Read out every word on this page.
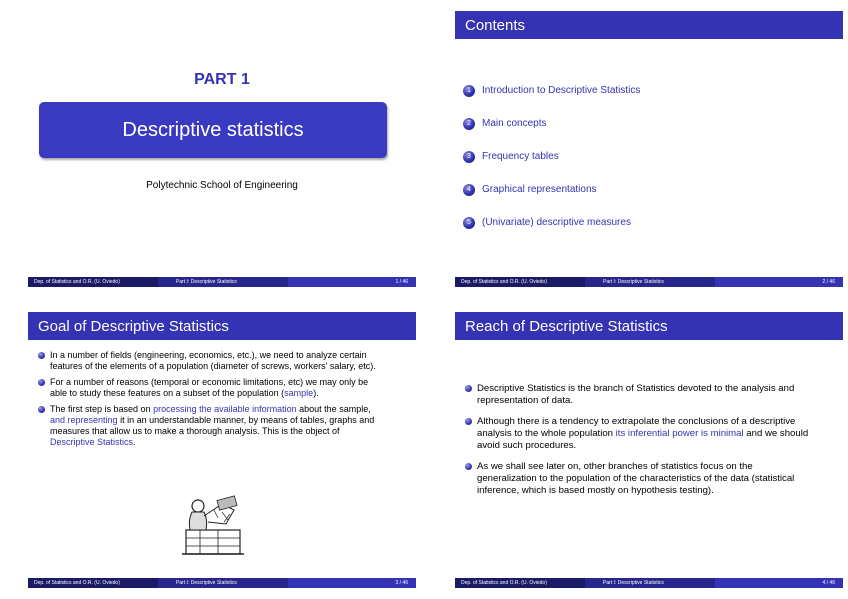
PART 1
Descriptive statistics
Polytechnic School of Engineering
Dep. of Statistics and O.R. (U. Oviedo)	Part I: Descriptive Statistics	1 / 46
Contents
1	Introduction to Descriptive Statistics
2	Main concepts
3	Frequency tables
4	Graphical representations
5	(Univariate) descriptive measures
Dep. of Statistics and O.R. (U. Oviedo)	Part I: Descriptive Statistics	2 / 46
Goal of Descriptive Statistics
In a number of fields (engineering, economics, etc.), we need to analyze certain features of the elements of a population (diameter of screws, workers' salary, etc).
For a number of reasons (temporal or economic limitations, etc) we may only be able to study these features on a subset of the population (sample).
The first step is based on processing the available information about the sample, and representing it in an understandable manner, by means of tables, graphs and measures that allow us to make a thorough analysis. This is the object of Descriptive Statistics.
Dep. of Statistics and O.R. (U. Oviedo)	Part I: Descriptive Statistics	3 / 46
Reach of Descriptive Statistics
Descriptive Statistics is the branch of Statistics devoted to the analysis and representation of data.
Although there is a tendency to extrapolate the conclusions of a descriptive analysis to the whole population its inferential power is minimal and we should avoid such procedures.
As we shall see later on, other branches of statistics focus on the generalization to the population of the characteristics of the data (statistical inference, which is based mostly on hypothesis testing).
Dep. of Statistics and O.R. (U. Oviedo)	Part I: Descriptive Statistics	4 / 46
